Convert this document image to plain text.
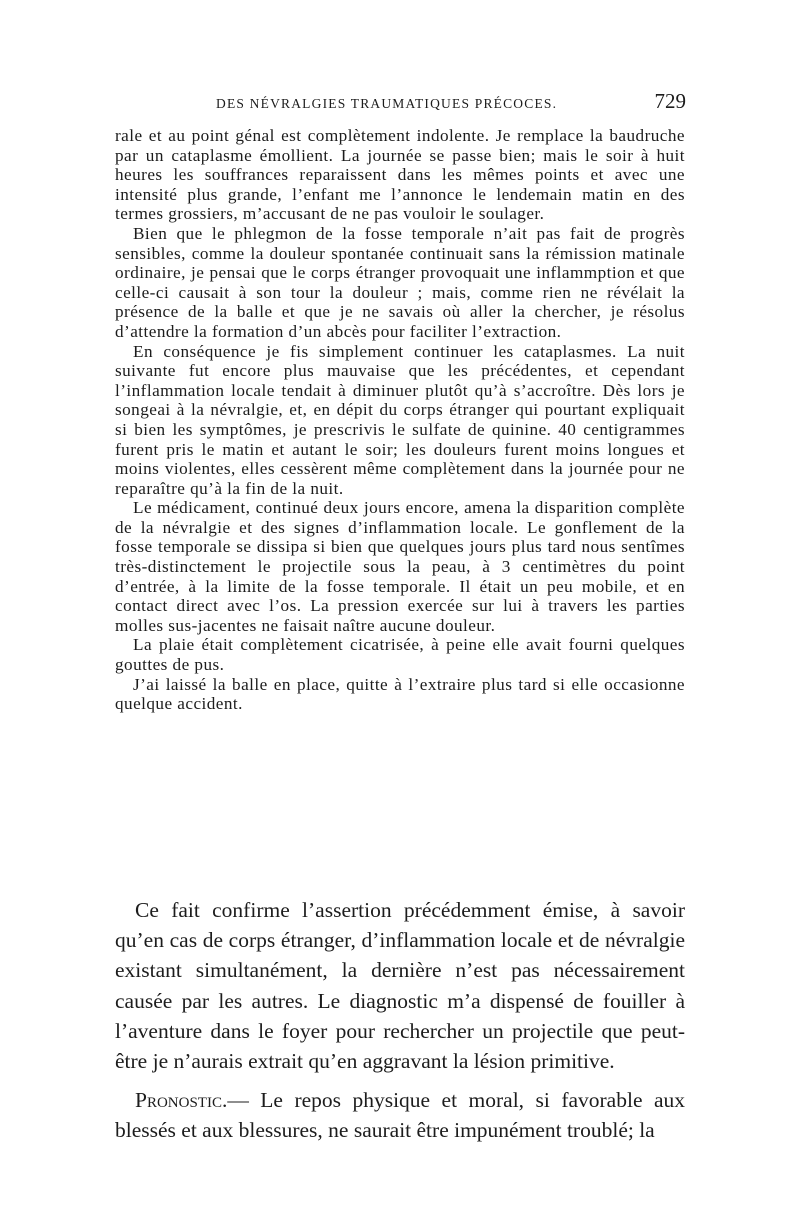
DES NÉVRALGIES TRAUMATIQUES PRÉCOCES.	729

rale et au point génal est complètement indolente. Je remplace la baudruche par un cataplasme émollient. La journée se passe bien; mais le soir à huit heures les souffrances reparaissent dans les mêmes points et avec une intensité plus grande, l’enfant me l’annonce le lendemain matin en des termes grossiers, m’accusant de ne pas vouloir le soulager.

Bien que le phlegmon de la fosse temporale n’ait pas fait de progrès sensibles, comme la douleur spontanée continuait sans la rémission matinale ordinaire, je pensai que le corps étranger provoquait une inflammption et que celle-ci causait à son tour la douleur ; mais, comme rien ne révélait la présence de la balle et que je ne savais où aller la chercher, je résolus d’attendre la formation d’un abcès pour faciliter l’extraction.

En conséquence je fis simplement continuer les cataplasmes. La nuit suivante fut encore plus mauvaise que les précédentes, et cependant l’inflammation locale tendait à diminuer plutôt qu’à s’accroître. Dès lors je songeai à la névralgie, et, en dépit du corps étranger qui pourtant expliquait si bien les symptômes, je prescrivis le sulfate de quinine. 40 centigrammes furent pris le matin et autant le soir; les douleurs furent moins longues et moins violentes, elles cessèrent même complètement dans la journée pour ne reparaître qu’à la fin de la nuit.

Le médicament, continué deux jours encore, amena la disparition complète de la névralgie et des signes d’inflammation locale. Le gonflement de la fosse temporale se dissipa si bien que quelques jours plus tard nous sentîmes très-distinctement le projectile sous la peau, à 3 centimètres du point d’entrée, à la limite de la fosse temporale. Il était un peu mobile, et en contact direct avec l’os. La pression exercée sur lui à travers les parties molles sus-jacentes ne faisait naître aucune douleur.

La plaie était complètement cicatrisée, à peine elle avait fourni quelques gouttes de pus.

J’ai laissé la balle en place, quitte à l’extraire plus tard si elle occasionne quelque accident.

Ce fait confirme l’assertion précédemment émise, à savoir qu’en cas de corps étranger, d’inflammation locale et de névralgie existant simultanément, la dernière n’est pas nécessairement causée par les autres. Le diagnostic m’a dispensé de fouiller à l’aventure dans le foyer pour rechercher un projectile que peut-être je n’aurais extrait qu’en aggravant la lésion primitive.

Pronostic.— Le repos physique et moral, si favorable aux blessés et aux blessures, ne saurait être impunément troublé; la
